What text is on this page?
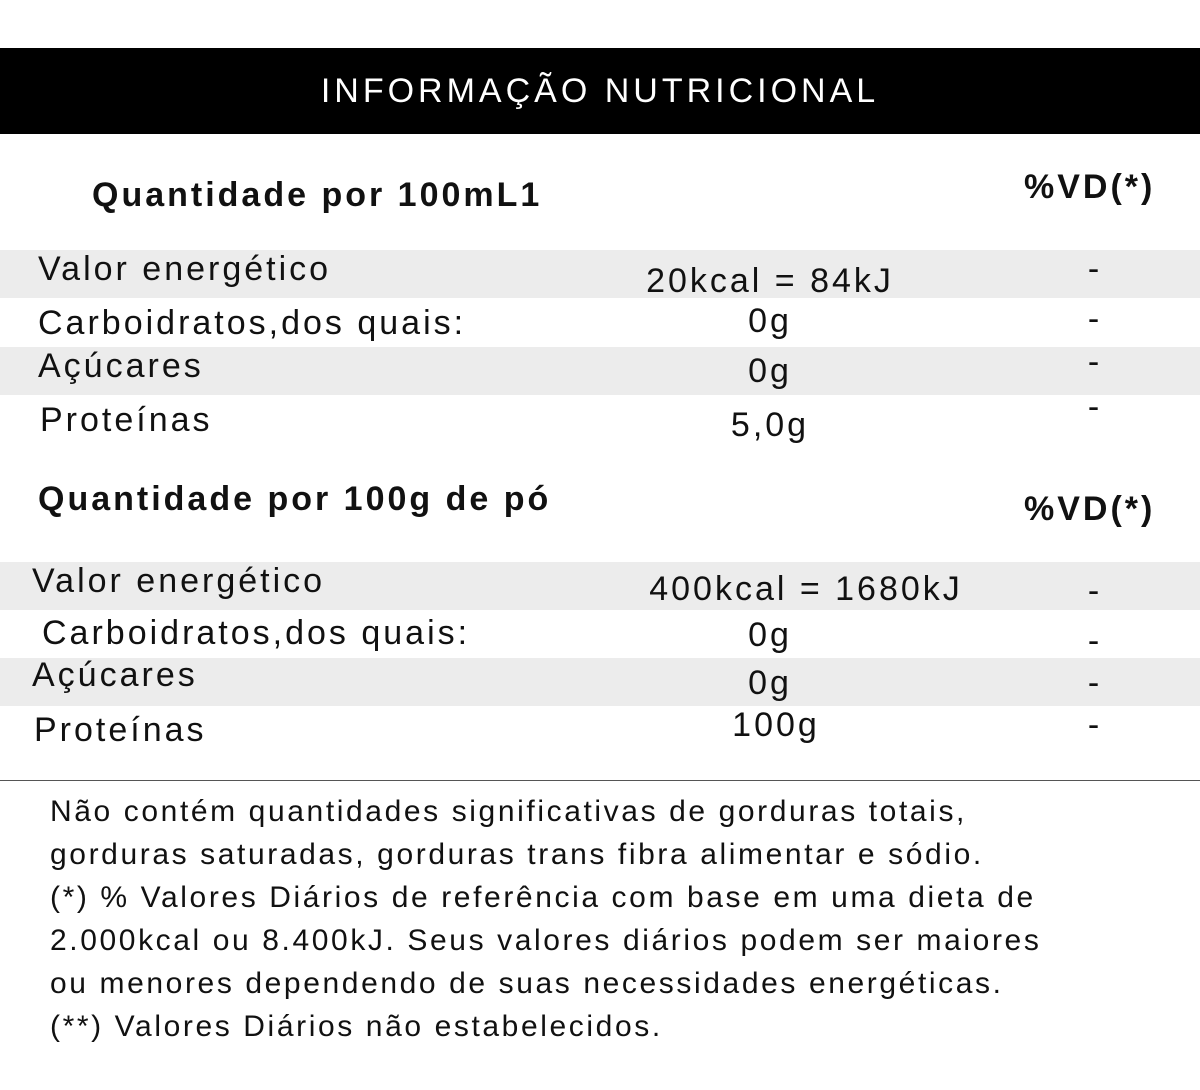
INFORMAÇÃO NUTRICIONAL
Quantidade por 100mL1	%VD(*)
Valor energético	20kcal = 84kJ	-
Carboidratos,dos quais:	0g	-
Açúcares	0g	-
Proteínas	5,0g	-
Quantidade por 100g de pó	%VD(*)
Valor energético	400kcal = 1680kJ	-
Carboidratos,dos quais:	0g	-
Açúcares	0g	-
Proteínas	100g	-
Não contém quantidades significativas de gorduras totais,
gorduras saturadas, gorduras trans fibra alimentar e sódio.
(*) % Valores Diários de referência com base em uma dieta de
2.000kcal ou 8.400kJ. Seus valores diários podem ser maiores
ou menores dependendo de suas necessidades energéticas.
(**) Valores Diários não estabelecidos.
